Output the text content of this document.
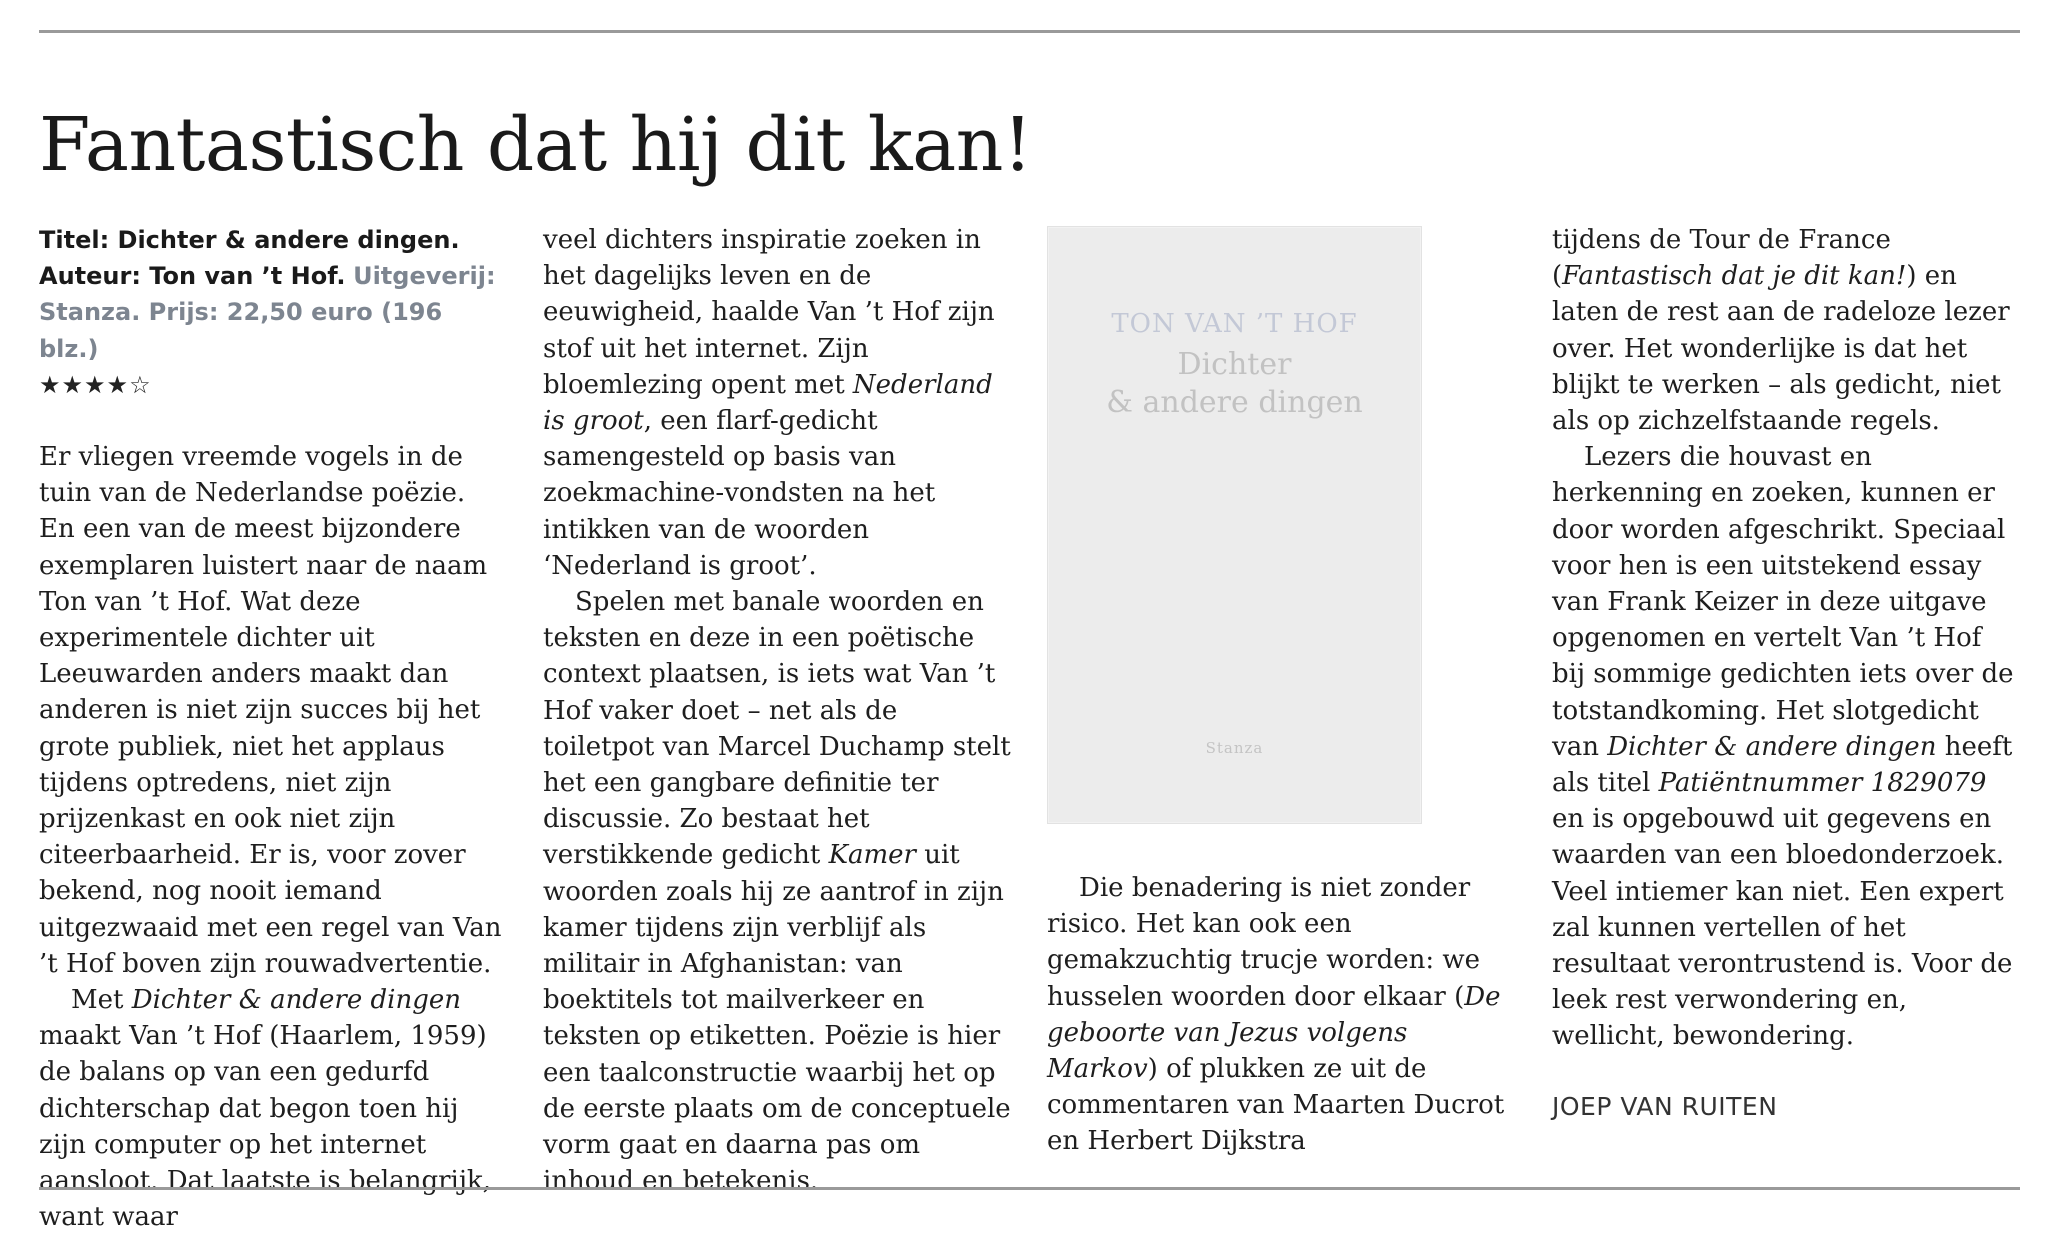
Fantastisch dat hij dit kan!
Titel: Dichter & andere dingen.
Auteur: Ton van ’t Hof. Uitgeverij:
Stanza. Prijs: 22,50 euro (196 blz.)
★★★★☆

Er vliegen vreemde vogels in de tuin van de Nederlandse poëzie. En een van de meest bijzondere exemplaren luistert naar de naam Ton van ’t Hof. Wat deze experimentele dichter uit Leeuwarden anders maakt dan anderen is niet zijn succes bij het grote publiek, niet het applaus tijdens optredens, niet zijn prijzenkast en ook niet zijn citeerbaarheid. Er is, voor zover bekend, nog nooit iemand uitgezwaaid met een regel van Van ’t Hof boven zijn rouwadvertentie.

Met Dichter & andere dingen maakt Van ’t Hof (Haarlem, 1959) de balans op van een gedurfd dichterschap dat begon toen hij zijn computer op het internet aansloot. Dat laatste is belangrijk, want waar

veel dichters inspiratie zoeken in het dagelijks leven en de eeuwigheid, haalde Van ’t Hof zijn stof uit het internet. Zijn bloemlezing opent met Nederland is groot, een flarf-gedicht samengesteld op basis van zoekmachine-vondsten na het intikken van de woorden ‘Nederland is groot’.

Spelen met banale woorden en teksten en deze in een poëtische context plaatsen, is iets wat Van ’t Hof vaker doet – net als de toiletpot van Marcel Duchamp stelt het een gangbare definitie ter discussie. Zo bestaat het verstikkende gedicht Kamer uit woorden zoals hij ze aantrof in zijn kamer tijdens zijn verblijf als militair in Afghanistan: van boektitels tot mailverkeer en teksten op etiketten. Poëzie is hier een taalconstructie waarbij het op de eerste plaats om de conceptuele vorm gaat en daarna pas om inhoud en betekenis.

TON VAN ’T HOF
Dichter
& andere dingen
Stanza

Die benadering is niet zonder risico. Het kan ook een gemakzuchtig trucje worden: we husselen woorden door elkaar (De geboorte van Jezus volgens Markov) of plukken ze uit de commentaren van Maarten Ducrot en Herbert Dijkstra

tijdens de Tour de France (Fantastisch dat je dit kan!) en laten de rest aan de radeloze lezer over. Het wonderlijke is dat het blijkt te werken – als gedicht, niet als op zichzelfstaande regels.

Lezers die houvast en herkenning en zoeken, kunnen er door worden afgeschrikt. Speciaal voor hen is een uitstekend essay van Frank Keizer in deze uitgave opgenomen en vertelt Van ’t Hof bij sommige gedichten iets over de totstandkoming. Het slotgedicht van Dichter & andere dingen heeft als titel Patiëntnummer 1829079 en is opgebouwd uit gegevens en waarden van een bloedonderzoek. Veel intiemer kan niet. Een expert zal kunnen vertellen of het resultaat verontrustend is. Voor de leek rest verwondering en, wellicht, bewondering.

JOEP VAN RUITEN
